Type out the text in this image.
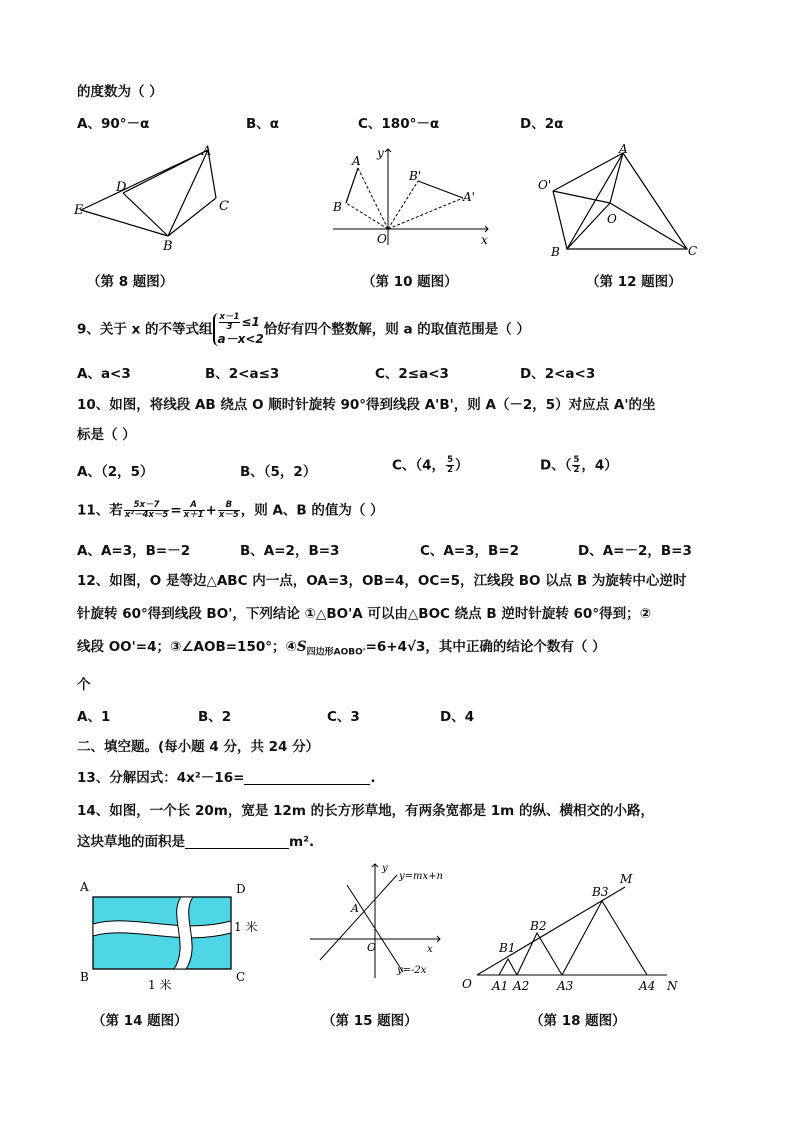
的度数为（ ）
A、90°－α	B、α	C、180°－α	D、2α
A
D
E	C
B
A
y
B'
A'
B
O	x
A
O'
O
B	C
（第 8 题图）	（第 10 题图）	（第 12 题图）
9、关于 x 的不等式组 $\frac{x-1}{3} \le 1$
a－x<2恰好有四个整数解，则 a 的取值范围是（ ）
A、a<3	B、2<a≤3	C、2≤a<3	D、2<a<3
10、如图，将线段 AB 绕点 O 顺时针旋转 90°得到线段 A'B'，则 A（－2，5）对应点 A'的坐
标是（ ）
A、（2，5）	B、（5，2）	C、（4， $\frac{5}{2}$ ）	D、（ $\frac{5}{2}$ ，4）
11、若 $\frac{5x-7}{\text{x²－4x－5}} = \frac{A}{x+1} + \frac{B}{x-5}$ ，则 A、B 的值为（ ）
A、A=3，B=－2	B、A=2，B=3	C、A=3，B=2	D、A=－2，B=3
12、如图，O 是等边△ABC 内一点，OA=3，OB=4，OC=5，江线段 BO 以点 B 为旋转中心逆时
针旋转 60°得到线段 BO'，下列结论 ①△BO'A 可以由△BOC 绕点 B 逆时针旋转 60°得到；②
线段 OO'=4；③∠AOB=150°；$④S_{四边形AOBO'}=6+4√3$，其中正确的结论个数有（ ）
个
A、1	B、2	C、3	D、4
二、填空题。(每小题 4 分，共 24 分）
13、分解因式：4x²－16=	.
14、如图，一个长 20m，宽是 12m 的长方形草地，有两条宽都是 1m 的纵、横相交的小路，
这块草地的面积是	m².
A	D
B	C
1 米
1 米
y
y=mx+n
A
O	x
y=-2x
M
B3
B2
B1
O A1 A2 A3	A4 N
（第 14 题图）	（第 15 题图）	（第 18 题图）
